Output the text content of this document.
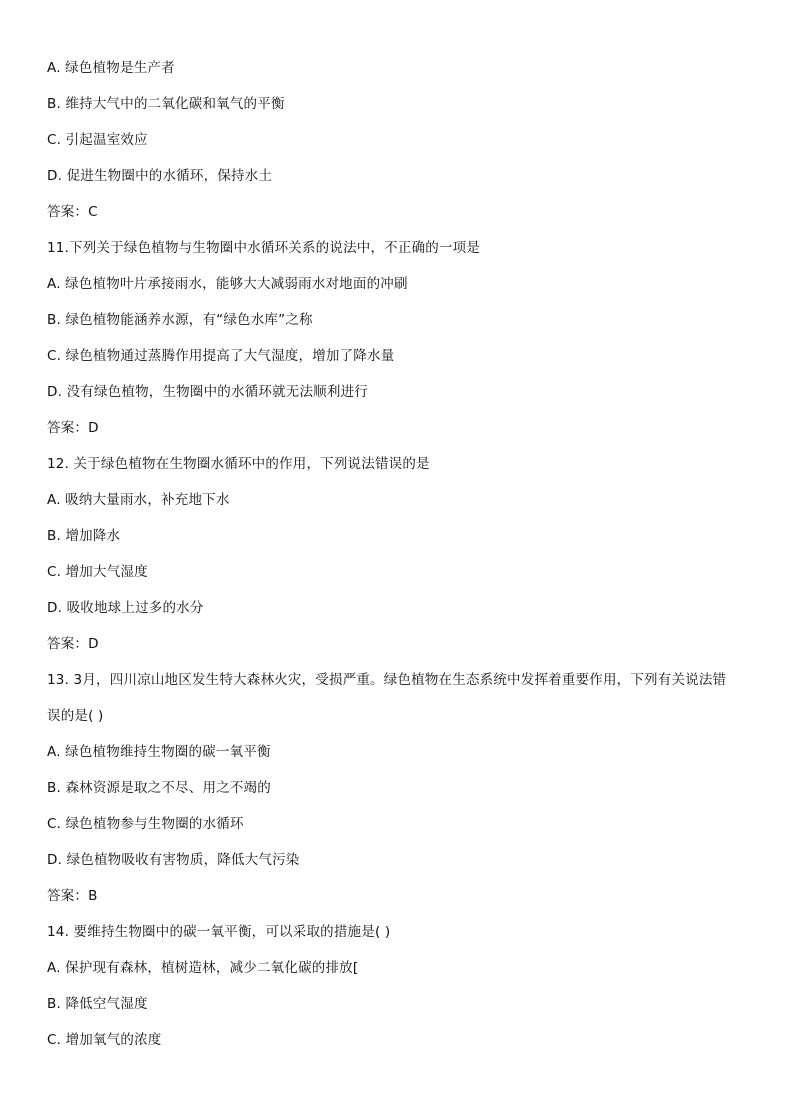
A. 绿色植物是生产者
B. 维持大气中的二氧化碳和氧气的平衡
C. 引起温室效应
D. 促进生物圈中的水循环，保持水土
答案：C
11.下列关于绿色植物与生物圈中水循环关系的说法中，不正确的一项是
A. 绿色植物叶片承接雨水，能够大大减弱雨水对地面的冲刷
B. 绿色植物能涵养水源，有“绿色水库”之称
C. 绿色植物通过蒸腾作用提高了大气湿度，增加了降水量
D. 没有绿色植物，生物圈中的水循环就无法顺利进行
答案：D
12. 关于绿色植物在生物圈水循环中的作用，下列说法错误的是
A. 吸纳大量雨水，补充地下水
B. 增加降水
C. 增加大气湿度
D. 吸收地球上过多的水分
答案：D
13. 3月，四川凉山地区发生特大森林火灾，受损严重。绿色植物在生态系统中发挥着重要作用，下列有关说法错
误的是( )
A. 绿色植物维持生物圈的碳一氧平衡
B. 森林资源是取之不尽、用之不竭的
C. 绿色植物参与生物圈的水循环
D. 绿色植物吸收有害物质，降低大气污染
答案：B
14. 要维持生物圈中的碳一氧平衡，可以采取的措施是( )
A. 保护现有森林，植树造林，减少二氧化碳的排放[
B. 降低空气湿度
C. 增加氧气的浓度
